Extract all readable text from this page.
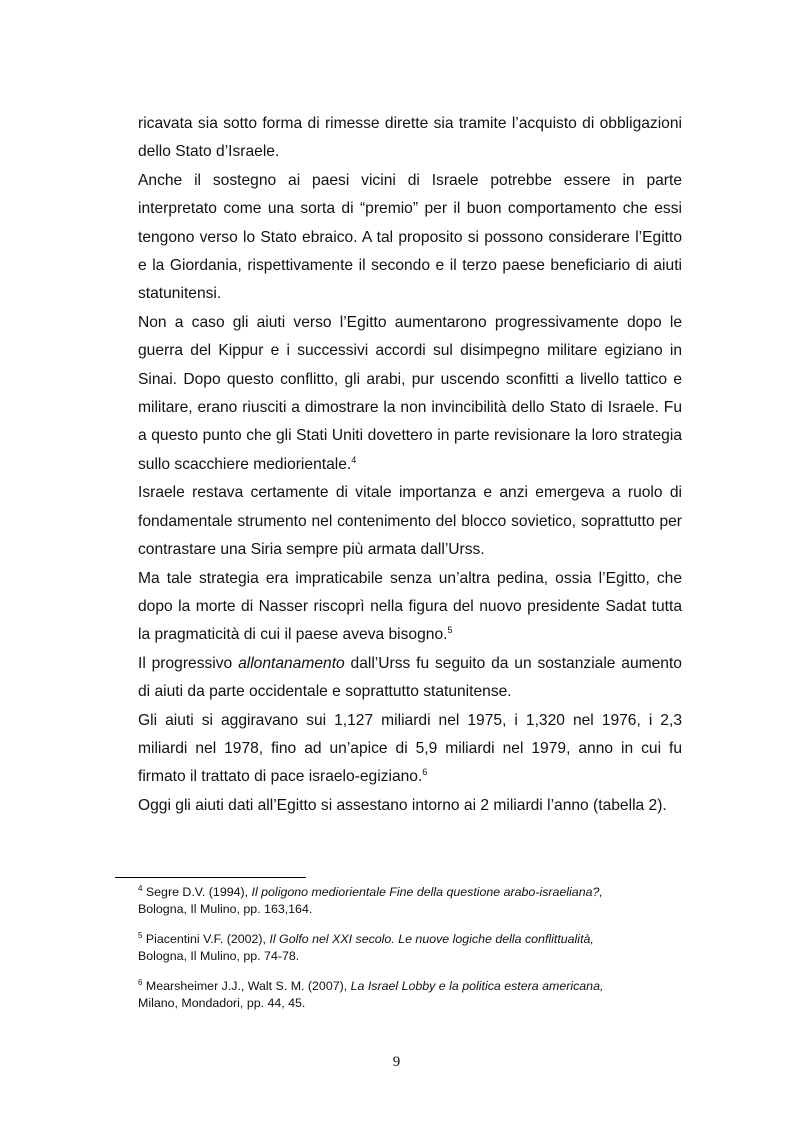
ricavata sia sotto forma di rimesse dirette sia tramite l’acquisto di obbligazioni dello Stato d’Israele.

Anche il sostegno ai paesi vicini di Israele potrebbe essere in parte interpretato come una sorta di “premio” per il buon comportamento che essi tengono verso lo Stato ebraico. A tal proposito si possono considerare l’Egitto e la Giordania, rispettivamente il secondo e il terzo paese beneficiario di aiuti statunitensi.

Non a caso gli aiuti verso l’Egitto aumentarono progressivamente dopo le guerra del Kippur e i successivi accordi sul disimpegno militare egiziano in Sinai. Dopo questo conflitto, gli arabi, pur uscendo sconfitti a livello tattico e militare, erano riusciti a dimostrare la non invincibilità dello Stato di Israele. Fu a questo punto che gli Stati Uniti dovettero in parte revisionare la loro strategia sullo scacchiere mediorientale.$^4$

Israele restava certamente di vitale importanza e anzi emergeva a ruolo di fondamentale strumento nel contenimento del blocco sovietico, soprattutto per contrastare una Siria sempre più armata dall’Urss.

Ma tale strategia era impraticabile senza un’altra pedina, ossia l’Egitto, che dopo la morte di Nasser riscoprì nella figura del nuovo presidente Sadat tutta la pragmaticità di cui il paese aveva bisogno.$^5$

Il progressivo allontanamento dall’Urss fu seguito da un sostanziale aumento di aiuti da parte occidentale e soprattutto statunitense.

Gli aiuti si aggiravano sui 1,127 miliardi nel 1975, i 1,320 nel 1976, i 2,3 miliardi nel 1978, fino ad un’apice di 5,9 miliardi nel 1979, anno in cui fu firmato il trattato di pace israelo-egiziano.$^6$

Oggi gli aiuti dati all’Egitto si assestano intorno ai 2 miliardi l’anno (tabella 2).

$^4$ Segre D.V. (1994), Il poligono mediorientale Fine della questione arabo-israeliana?,
Bologna, Il Mulino, pp. 163,164.

$^5$ Piacentini V.F. (2002), Il Golfo nel XXI secolo. Le nuove logiche della conflittualità,
Bologna, Il Mulino, pp. 74-78.

$^6$ Mearsheimer J.J., Walt S. M. (2007), La Israel Lobby e la politica estera americana,
Milano, Mondadori, pp. 44, 45.

9
